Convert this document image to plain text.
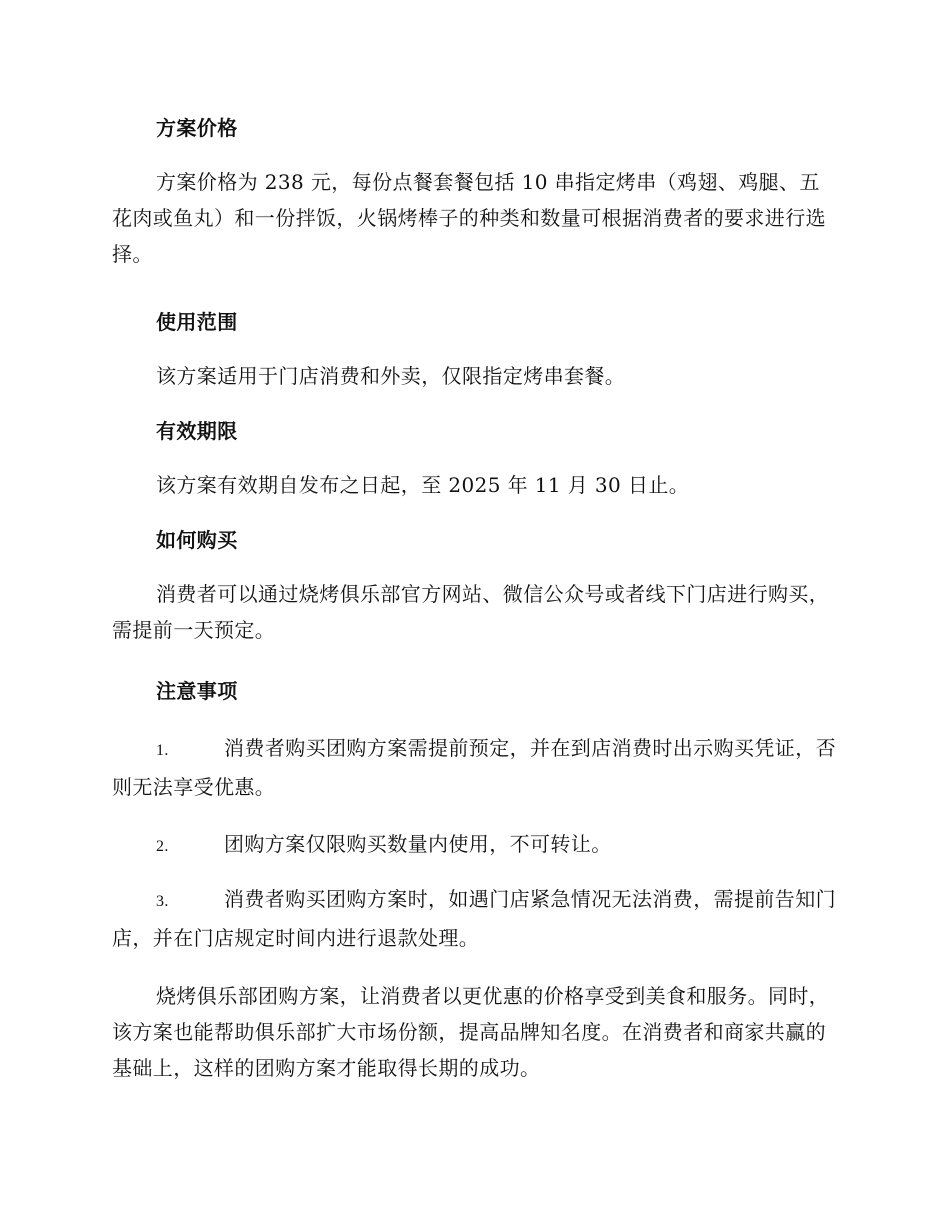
方案价格

方案价格为 238 元，每份点餐套餐包括 10 串指定烤串（鸡翅、鸡腿、五花肉或鱼丸）和一份拌饭，火锅烤棒子的种类和数量可根据消费者的要求进行选择。

使用范围

该方案适用于门店消费和外卖，仅限指定烤串套餐。

有效期限

该方案有效期自发布之日起，至 2025 年 11 月 30 日止。

如何购买

消费者可以通过烧烤俱乐部官方网站、微信公众号或者线下门店进行购买，需提前一天预定。

注意事项

1.	消费者购买团购方案需提前预定，并在到店消费时出示购买凭证，否则无法享受优惠。

2.	团购方案仅限购买数量内使用，不可转让。

3.	消费者购买团购方案时，如遇门店紧急情况无法消费，需提前告知门店，并在门店规定时间内进行退款处理。

烧烤俱乐部团购方案，让消费者以更优惠的价格享受到美食和服务。同时，该方案也能帮助俱乐部扩大市场份额，提高品牌知名度。在消费者和商家共赢的基础上，这样的团购方案才能取得长期的成功。
